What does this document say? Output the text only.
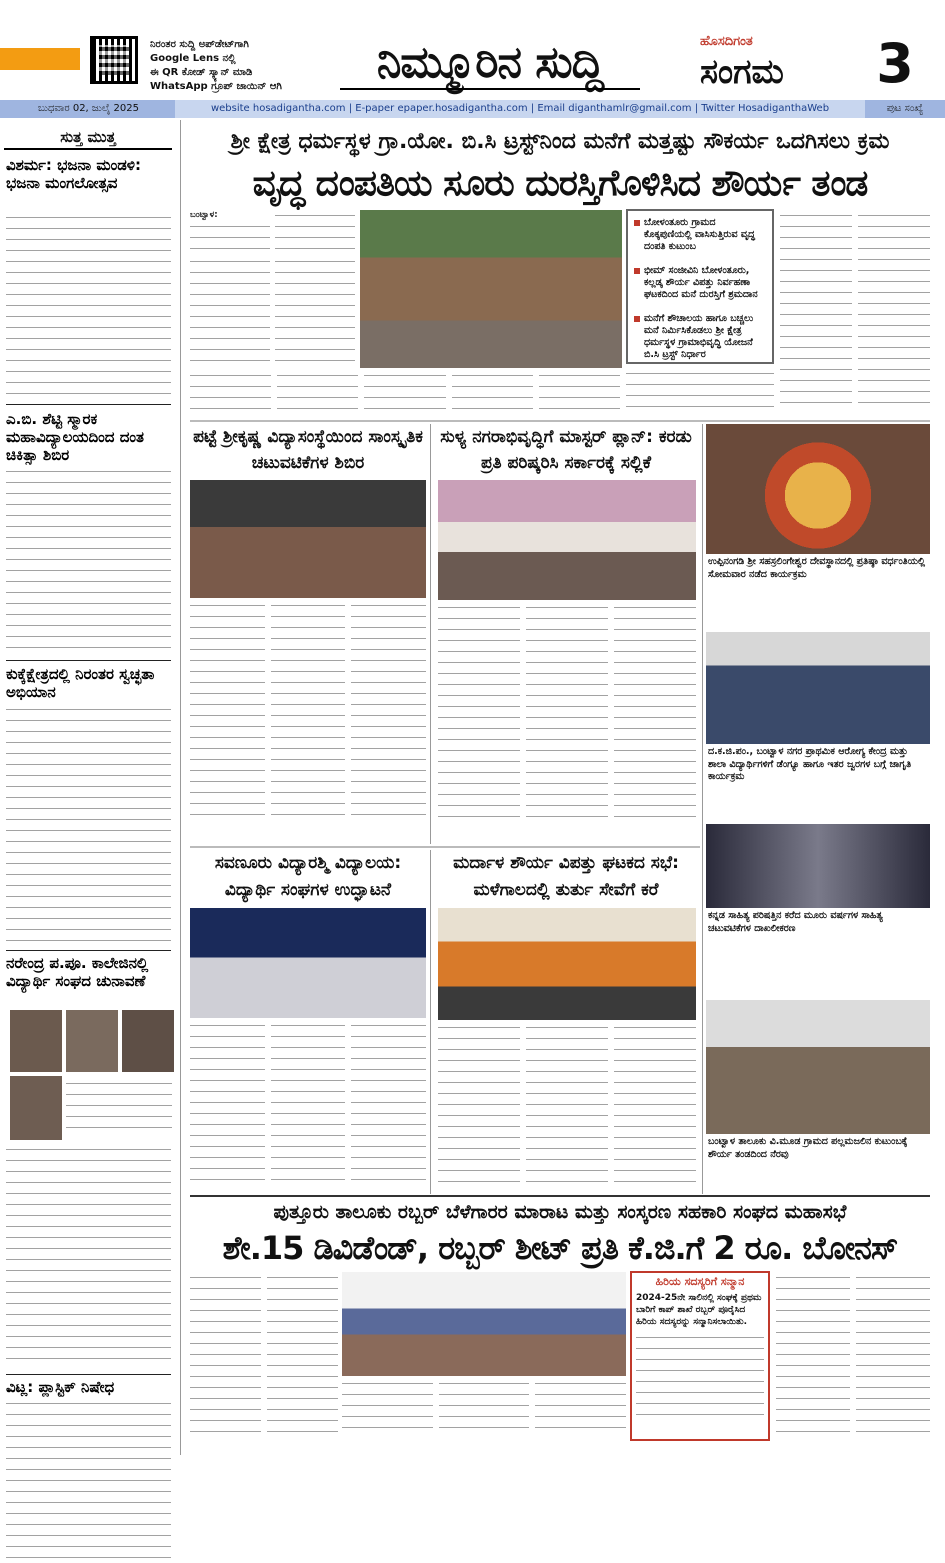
ನಿರಂತರ ಸುದ್ದಿ ಅಪ್‌ಡೇಟ್‌ಗಾಗಿ
Google Lens ನಲ್ಲಿ
ಈ QR ಕೋಡ್ ಸ್ಕ್ಯಾನ್ ಮಾಡಿ
WhatsApp ಗ್ರೂಪ್ ಜಾಯಿನ್ ಆಗಿ	ನಿಮ್ಮೂರಿನ ಸುದ್ದಿ	ಹೊಸದಿಗಂತ
ಸಂಗಮ	3
ಬುಧವಾರ 02, ಜುಲೈ 2025	website hosadigantha.com | E-paper epaper.hosadigantha.com | Email diganthamlr@gmail.com | Twitter HosadiganthaWeb	ಪುಟ ಸಂಖ್ಯೆ
ಸುತ್ತ ಮುತ್ತ
ವಿಶರ್ಮ: ಭಜನಾ ಮಂಡಳಿ: ಭಜನಾ ಮಂಗಲೋತ್ಸವ
ಎ.ಬಿ. ಶೆಟ್ಟಿ ಸ್ಮಾರಕ ಮಹಾವಿದ್ಯಾಲಯದಿಂದ ದಂತ ಚಿಕಿತ್ಸಾ ಶಿಬಿರ
ಕುಕ್ಕೆಕ್ಷೇತ್ರದಲ್ಲಿ ನಿರಂತರ ಸ್ವಚ್ಛತಾ ಅಭಿಯಾನ
ನರೇಂದ್ರ ಪ.ಪೂ. ಕಾಲೇಜಿನಲ್ಲಿ ವಿದ್ಯಾರ್ಥಿ ಸಂಘದ ಚುನಾವಣೆ
ವಿಟ್ಲ: ಪ್ಲಾಸ್ಟಿಕ್ ನಿಷೇಧ
ಶ್ರೀ ಕ್ಷೇತ್ರ ಧರ್ಮಸ್ಥಳ ಗ್ರಾ.ಯೋ. ಬಿ.ಸಿ ಟ್ರಸ್ಟ್‌ನಿಂದ ಮನೆಗೆ ಮತ್ತಷ್ಟು ಸೌಕರ್ಯ ಒದಗಿಸಲು ಕ್ರಮ
ವೃದ್ಧ ದಂಪತಿಯ ಸೂರು ದುರಸ್ತಿಗೊಳಿಸಿದ ಶೌರ್ಯ ತಂಡ
ಬಂಟ್ವಾಳ:
ಬೋಳಂತೂರು ಗ್ರಾಮದ ಕೊಕ್ಕಪುಣಿಯಲ್ಲಿ ವಾಸಿಸುತ್ತಿರುವ ವೃದ್ಧ ದಂಪತಿ ಕುಟುಂಬ
ಭೀಮ್ ಸಂಜೀವಿನಿ ಬೋಳಂತೂರು, ಕಲ್ಲಡ್ಕ ಶೌರ್ಯ ವಿಪತ್ತು ನಿರ್ವಹಣಾ ಘಟಕದಿಂದ ಮನೆ ದುರಸ್ತಿಗೆ ಶ್ರಮದಾನ
ಮನೆಗೆ ಶೌಚಾಲಯ ಹಾಗೂ ಬಚ್ಚಲು ಮನೆ ನಿರ್ಮಿಸಿಕೊಡಲು ಶ್ರೀ ಕ್ಷೇತ್ರ ಧರ್ಮಸ್ಥಳ ಗ್ರಾಮಾಭಿವೃದ್ಧಿ ಯೋಜನೆ ಬಿ.ಸಿ ಟ್ರಸ್ಟ್ ನಿರ್ಧಾರ
ಪಟ್ಟೆ ಶ್ರೀಕೃಷ್ಣ ವಿದ್ಯಾಸಂಸ್ಥೆಯಿಂದ ಸಾಂಸ್ಕೃತಿಕ ಚಟುವಟಿಕೆಗಳ ಶಿಬಿರ
ಸುಳ್ಯ ನಗರಾಭಿವೃದ್ಧಿಗೆ ಮಾಸ್ಟರ್ ಪ್ಲಾನ್: ಕರಡು ಪ್ರತಿ ಪರಿಷ್ಕರಿಸಿ ಸರ್ಕಾರಕ್ಕೆ ಸಲ್ಲಿಕೆ
ಉಪ್ಪಿನಂಗಡಿ ಶ್ರೀ ಸಹಸ್ರಲಿಂಗೇಶ್ವರ ದೇವಸ್ಥಾನದಲ್ಲಿ ಪ್ರತಿಷ್ಠಾ ವರ್ಧಂತಿಯಲ್ಲಿ ಸೋಮವಾರ ನಡೆದ ಕಾರ್ಯಕ್ರಮ
ದ.ಕ.ಜಿ.ಪಂ., ಬಂಟ್ವಾಳ ನಗರ ಪ್ರಾಥಮಿಕ ಆರೋಗ್ಯ ಕೇಂದ್ರ ಮತ್ತು ಶಾಲಾ ವಿದ್ಯಾರ್ಥಿಗಳಿಗೆ ಡೆಂಗ್ಯೂ ಹಾಗೂ ಇತರ ಜ್ವರಗಳ ಬಗ್ಗೆ ಜಾಗೃತಿ ಕಾರ್ಯಕ್ರಮ
ಕನ್ನಡ ಸಾಹಿತ್ಯ ಪರಿಷತ್ತಿನ ಕರೆದ ಮೂರು ವರ್ಷಗಳ ಸಾಹಿತ್ಯ ಚಟುವಟಿಕೆಗಳ ದಾಖಲೀಕರಣ
ಬಂಟ್ವಾಳ ತಾಲೂಕು ವಿ.ಮೂಡ ಗ್ರಾಮದ ಪಲ್ಲಮಜಲಿನ ಕುಟುಂಬಕ್ಕೆ ಶೌರ್ಯ ತಂಡದಿಂದ ನೆರವು
ಸವಣೂರು ವಿದ್ಯಾರಶ್ಮಿ ವಿದ್ಯಾಲಯ: ವಿದ್ಯಾರ್ಥಿ ಸಂಘಗಳ ಉದ್ಘಾಟನೆ
ಮರ್ದಾಳ ಶೌರ್ಯ ವಿಪತ್ತು ಘಟಕದ ಸಭೆ: ಮಳೆಗಾಲದಲ್ಲಿ ತುರ್ತು ಸೇವೆಗೆ ಕರೆ
ಪುತ್ತೂರು ತಾಲೂಕು ರಬ್ಬರ್ ಬೆಳೆಗಾರರ ಮಾರಾಟ ಮತ್ತು ಸಂಸ್ಕರಣ ಸಹಕಾರಿ ಸಂಘದ ಮಹಾಸಭೆ
ಶೇ.15 ಡಿವಿಡೆಂಡ್, ರಬ್ಬರ್ ಶೀಟ್ ಪ್ರತಿ ಕೆ.ಜಿ.ಗೆ 2 ರೂ. ಬೋನಸ್
ಹಿರಿಯ ಸದಸ್ಯರಿಗೆ ಸನ್ಮಾನ
2024-25ನೇ ಸಾಲಿನಲ್ಲಿ ಸಂಘಕ್ಕೆ ಪ್ರಥಮ ಬಾರಿಗೆ ಕಾಪ್ ಶಾಖೆ ರಬ್ಬರ್ ಪೂರೈಸಿದ ಹಿರಿಯ ಸದಸ್ಯರನ್ನು ಸನ್ಮಾನಿಸಲಾಯಿತು.
